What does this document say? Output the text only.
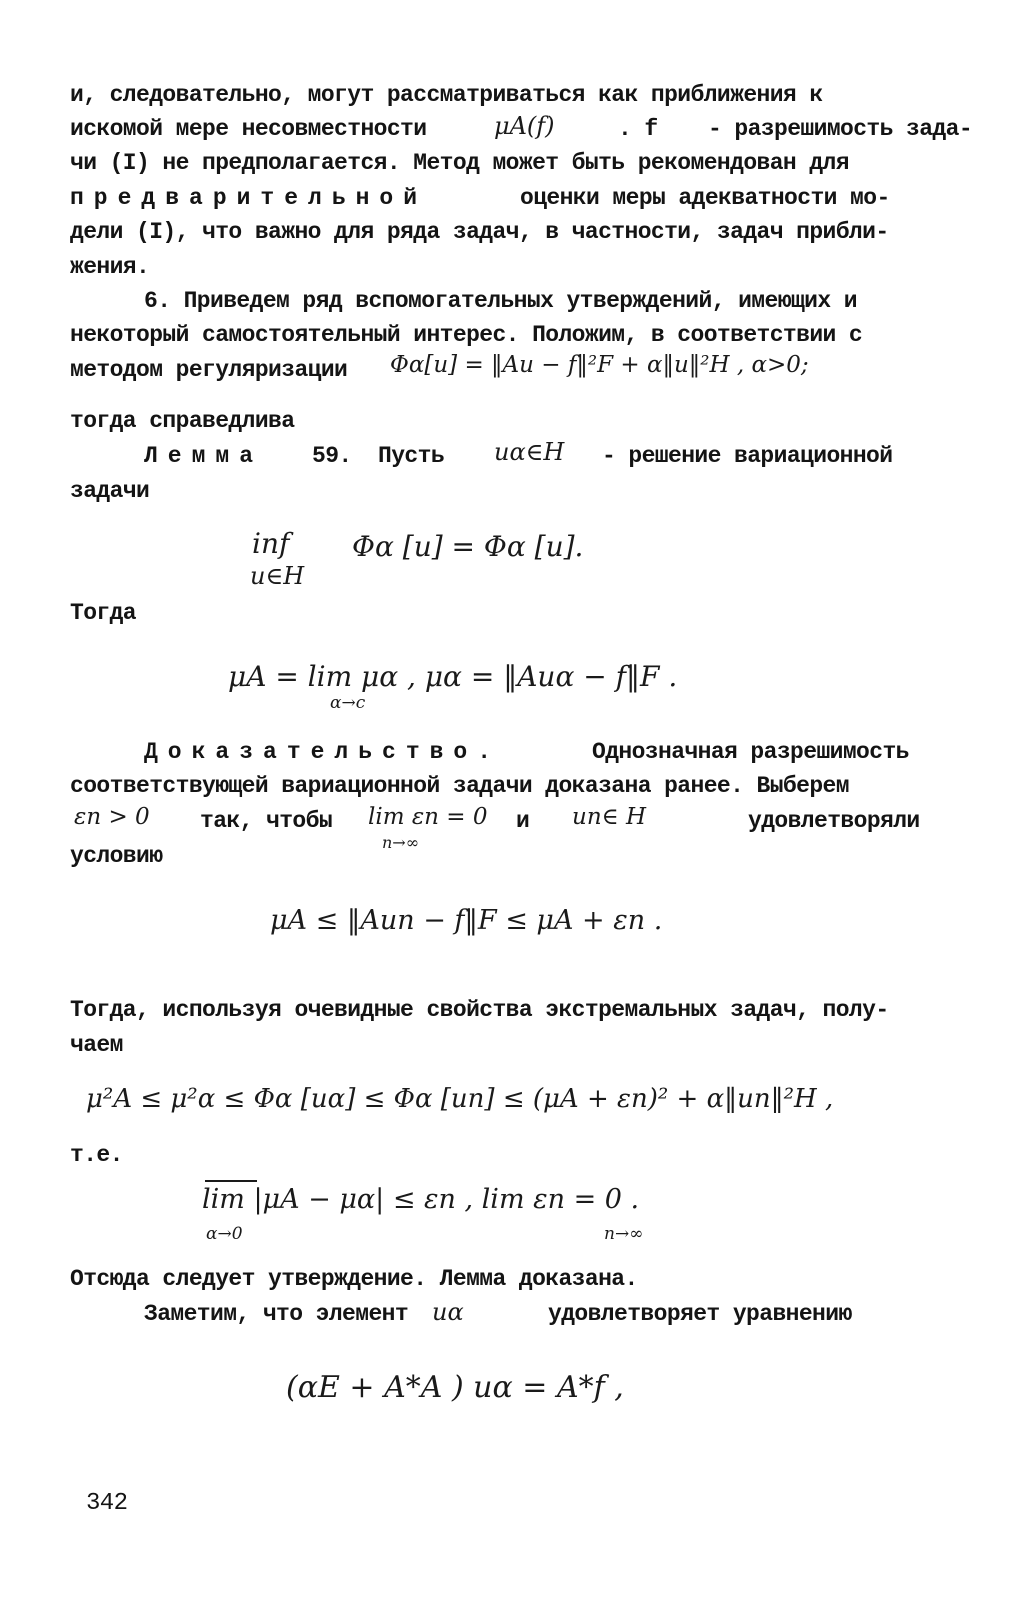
и, следовательно, могут рассматриваться как приближения к
искомой мере несовместности	μA(f)	. f - разрешимость зада-
чи (I) не предполагается. Метод может быть рекомендован для
предварительной	оценки меры адекватности мо-
дели (I), что важно для ряда задач, в частности, задач прибли-
жения.
6. Приведем ряд вспомогательных утверждений, имеющих и
некоторый самостоятельный интерес. Положим, в соответствии с
методом регуляризации Φα[u] = ‖Au − f‖²F + α‖u‖²H , α>0;
тогда справедлива
Лемма 59.  Пусть uα∈H - решение вариационной
задачи
inf
u∈H
Φα [u] = Φα [u].
Тогда
μA = lim μα , μα = ‖Auα − f‖F .
α→c
Доказательство.	Однозначная разрешимость
соответствующей вариационной задачи доказана ранее. Выберем
εn > 0 так, чтобы lim εn = 0
n→∞
и un∈ H	удовлетворяли
условию
μA ≤ ‖Aun − f‖F ≤ μA + εn .
Тогда, используя очевидные свойства экстремальных задач, полу-
чаем
μ²A ≤ μ²α ≤ Φα [uα] ≤ Φα [un] ≤ (μA + εn)² + α‖un‖²H ,
т.е.
lim |μA − μα| ≤ εn , lim εn = 0 .
α→0	n→∞
Отсюда следует утверждение. Лемма доказана.
Заметим, что элемент uα	удовлетворяет уравнению
(αE + A*A ) uα = A*f ,
342
